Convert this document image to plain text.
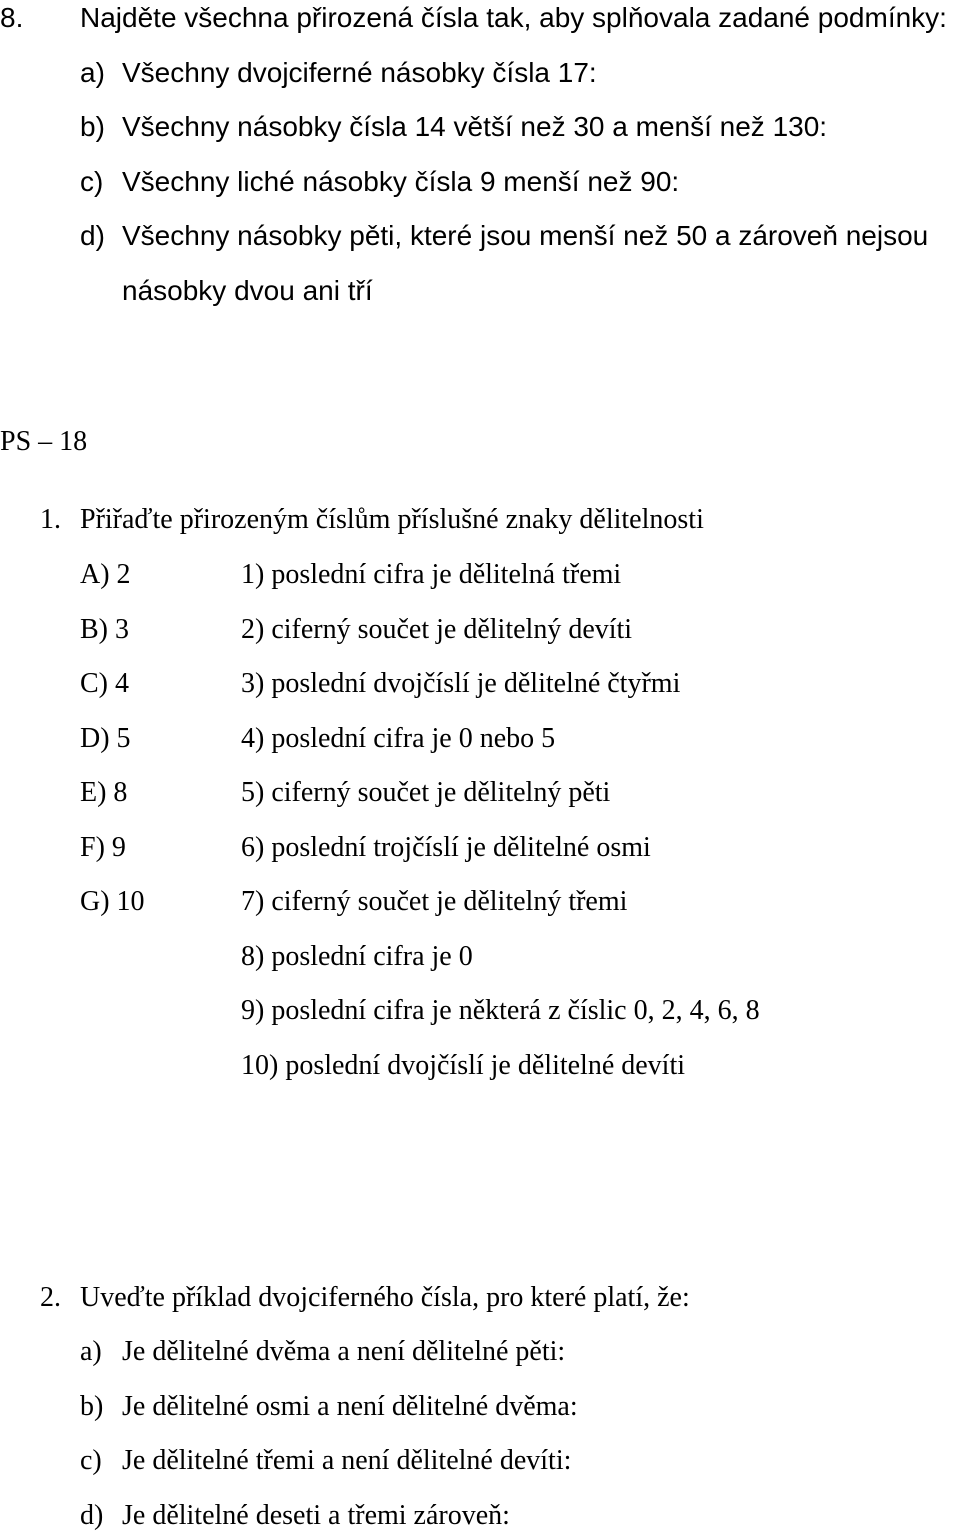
8. Najděte všechna přirozená čísla tak, aby splňovala zadané podmínky:
a) Všechny dvojciferné násobky čísla 17:
b) Všechny násobky čísla 14 větší než 30 a menší než 130:
c) Všechny liché násobky čísla 9 menší než 90:
d) Všechny násobky pěti, které jsou menší než 50 a zároveň nejsou
násobky dvou ani tří
PS – 18
1. Přiřaďte přirozeným číslům příslušné znaky dělitelnosti
A) 2
B) 3
C) 4
D) 5
E) 8
F) 9
G) 10
1) poslední cifra je dělitelná třemi
2) ciferný součet je dělitelný devíti
3) poslední dvojčíslí je dělitelné čtyřmi
4) poslední cifra je 0 nebo 5
5) ciferný součet je dělitelný pěti
6) poslední trojčíslí je dělitelné osmi
7) ciferný součet je dělitelný třemi
8) poslední cifra je 0
9) poslední cifra je některá z číslic 0, 2, 4, 6, 8
10) poslední dvojčíslí je dělitelné devíti
2. Uveďte příklad dvojciferného čísla, pro které platí, že:
a) Je dělitelné dvěma a není dělitelné pěti:
b) Je dělitelné osmi a není dělitelné dvěma:
c) Je dělitelné třemi a není dělitelné devíti:
d) Je dělitelné deseti a třemi zároveň:
